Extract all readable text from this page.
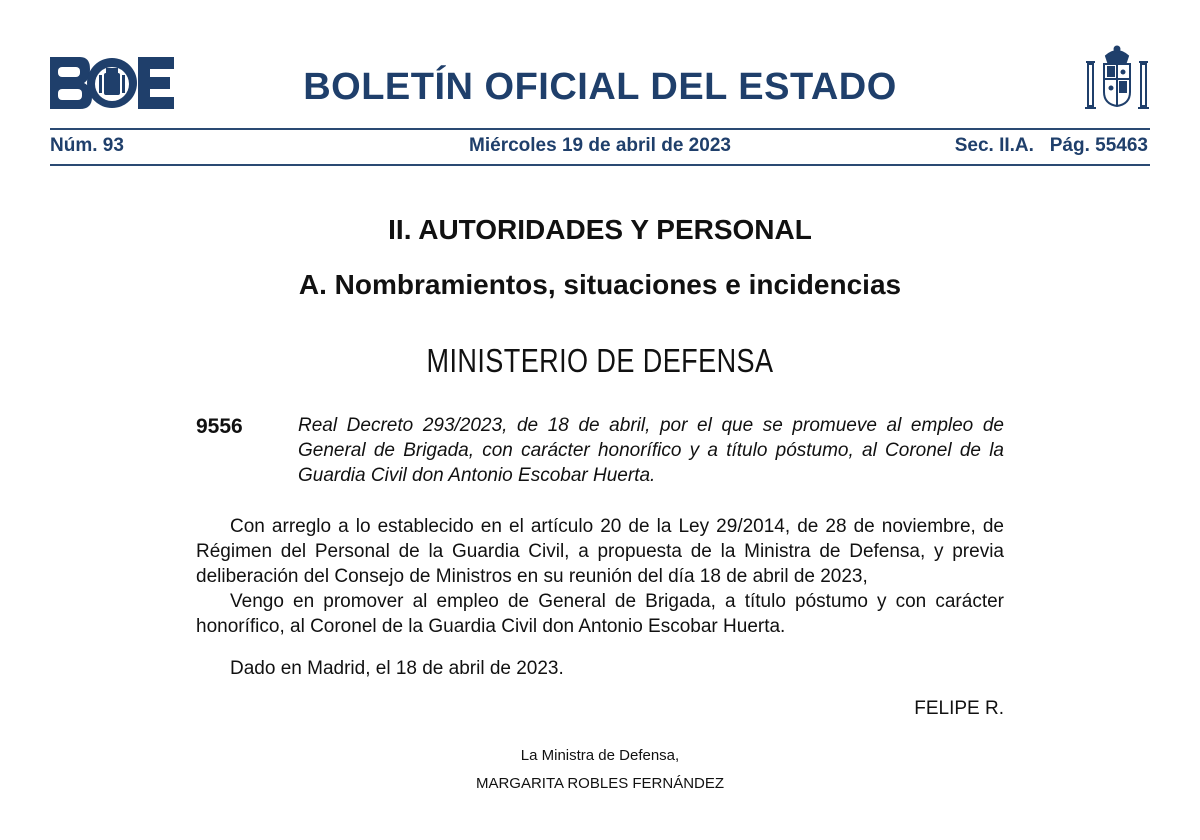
BOLETÍN OFICIAL DEL ESTADO
Núm. 93	Miércoles 19 de abril de 2023	Sec. II.A.   Pág. 55463
II. AUTORIDADES Y PERSONAL
A. Nombramientos, situaciones e incidencias
MINISTERIO DE DEFENSA
9556	Real Decreto 293/2023, de 18 de abril, por el que se promueve al empleo de General de Brigada, con carácter honorífico y a título póstumo, al Coronel de la Guardia Civil don Antonio Escobar Huerta.

Con arreglo a lo establecido en el artículo 20 de la Ley 29/2014, de 28 de noviembre, de Régimen del Personal de la Guardia Civil, a propuesta de la Ministra de Defensa, y previa deliberación del Consejo de Ministros en su reunión del día 18 de abril de 2023,

Vengo en promover al empleo de General de Brigada, a título póstumo y con carácter honorífico, al Coronel de la Guardia Civil don Antonio Escobar Huerta.

Dado en Madrid, el 18 de abril de 2023.
FELIPE R.
La Ministra de Defensa,
MARGARITA ROBLES FERNÁNDEZ
